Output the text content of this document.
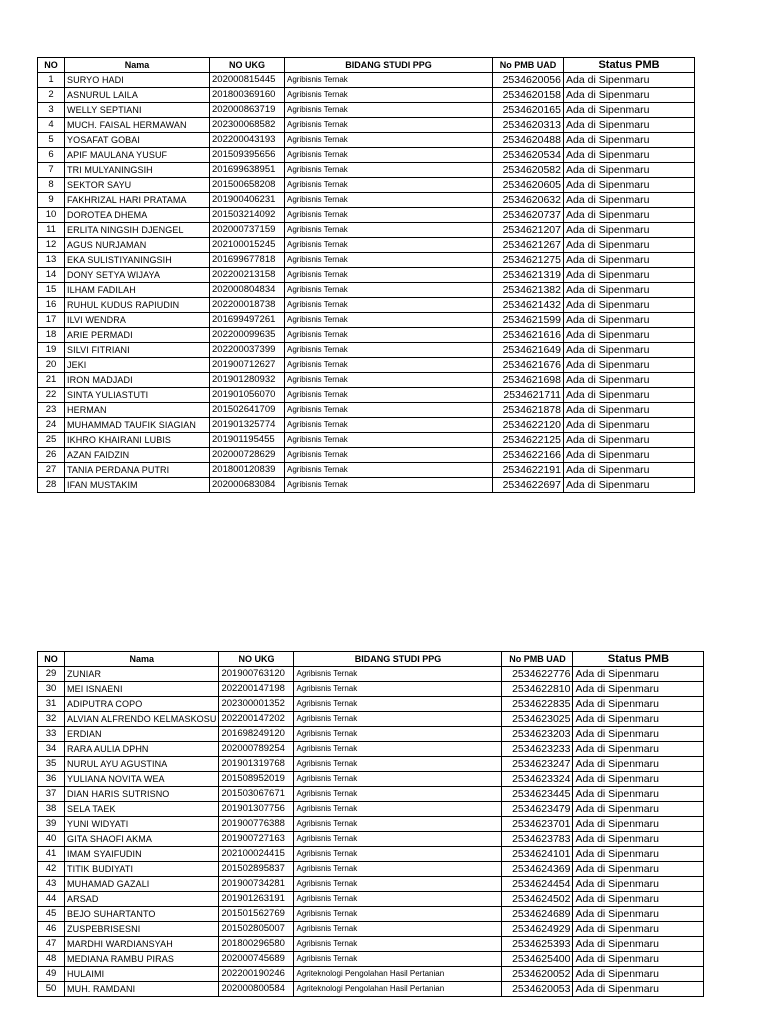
NO	Nama	NO UKG	BIDANG STUDI PPG	No PMB UAD	Status PMB
1	SURYO HADI	202000815445	Agribisnis Ternak	2534620056	Ada di Sipenmaru
2	ASNURUL LAILA	201800369160	Agribisnis Ternak	2534620158	Ada di Sipenmaru
3	WELLY SEPTIANI	202000863719	Agribisnis Ternak	2534620165	Ada di Sipenmaru
4	MUCH. FAISAL HERMAWAN	202300068582	Agribisnis Ternak	2534620313	Ada di Sipenmaru
5	YOSAFAT GOBAI	202200043193	Agribisnis Ternak	2534620488	Ada di Sipenmaru
6	APIF MAULANA YUSUF	201509395656	Agribisnis Ternak	2534620534	Ada di Sipenmaru
7	TRI MULYANINGSIH	201699638951	Agribisnis Ternak	2534620582	Ada di Sipenmaru
8	SEKTOR SAYU	201500658208	Agribisnis Ternak	2534620605	Ada di Sipenmaru
9	FAKHRIZAL HARI PRATAMA	201900406231	Agribisnis Ternak	2534620632	Ada di Sipenmaru
10	DOROTEA DHEMA	201503214092	Agribisnis Ternak	2534620737	Ada di Sipenmaru
11	ERLITA NINGSIH DJENGEL	202000737159	Agribisnis Ternak	2534621207	Ada di Sipenmaru
12	AGUS NURJAMAN	202100015245	Agribisnis Ternak	2534621267	Ada di Sipenmaru
13	EKA SULISTIYANINGSIH	201699677818	Agribisnis Ternak	2534621275	Ada di Sipenmaru
14	DONY SETYA WIJAYA	202200213158	Agribisnis Ternak	2534621319	Ada di Sipenmaru
15	ILHAM FADILAH	202000804834	Agribisnis Ternak	2534621382	Ada di Sipenmaru
16	RUHUL KUDUS RAPIUDIN	202200018738	Agribisnis Ternak	2534621432	Ada di Sipenmaru
17	ILVI WENDRA	201699497261	Agribisnis Ternak	2534621599	Ada di Sipenmaru
18	ARIE PERMADI	202200099635	Agribisnis Ternak	2534621616	Ada di Sipenmaru
19	SILVI FITRIANI	202200037399	Agribisnis Ternak	2534621649	Ada di Sipenmaru
20	JEKI	201900712627	Agribisnis Ternak	2534621676	Ada di Sipenmaru
21	IRON MADJADI	201901280932	Agribisnis Ternak	2534621698	Ada di Sipenmaru
22	SINTA YULIASTUTI	201901056070	Agribisnis Ternak	2534621711	Ada di Sipenmaru
23	HERMAN	201502641709	Agribisnis Ternak	2534621878	Ada di Sipenmaru
24	MUHAMMAD TAUFIK SIAGIAN	201901325774	Agribisnis Ternak	2534622120	Ada di Sipenmaru
25	IKHRO KHAIRANI LUBIS	201901195455	Agribisnis Ternak	2534622125	Ada di Sipenmaru
26	AZAN FAIDZIN	202000728629	Agribisnis Ternak	2534622166	Ada di Sipenmaru
27	TANIA PERDANA PUTRI	201800120839	Agribisnis Ternak	2534622191	Ada di Sipenmaru
28	IFAN MUSTAKIM	202000683084	Agribisnis Ternak	2534622697	Ada di Sipenmaru
NO	Nama	NO UKG	BIDANG STUDI PPG	No PMB UAD	Status PMB
29	ZUNIAR	201900763120	Agribisnis Ternak	2534622776	Ada di Sipenmaru
30	MEI ISNAENI	202200147198	Agribisnis Ternak	2534622810	Ada di Sipenmaru
31	ADIPUTRA COPO	202300001352	Agribisnis Ternak	2534622835	Ada di Sipenmaru
32	ALVIAN ALFRENDO KELMASKOSU	202200147202	Agribisnis Ternak	2534623025	Ada di Sipenmaru
33	ERDIAN	201698249120	Agribisnis Ternak	2534623203	Ada di Sipenmaru
34	RARA AULIA DPHN	202000789254	Agribisnis Ternak	2534623233	Ada di Sipenmaru
35	NURUL AYU AGUSTINA	201901319768	Agribisnis Ternak	2534623247	Ada di Sipenmaru
36	YULIANA NOVITA WEA	201508952019	Agribisnis Ternak	2534623324	Ada di Sipenmaru
37	DIAN HARIS SUTRISNO	201503067671	Agribisnis Ternak	2534623445	Ada di Sipenmaru
38	SELA TAEK	201901307756	Agribisnis Ternak	2534623479	Ada di Sipenmaru
39	YUNI WIDYATI	201900776388	Agribisnis Ternak	2534623701	Ada di Sipenmaru
40	GITA SHAOFI AKMA	201900727163	Agribisnis Ternak	2534623783	Ada di Sipenmaru
41	IMAM SYAIFUDIN	202100024415	Agribisnis Ternak	2534624101	Ada di Sipenmaru
42	TITIK BUDIYATI	201502895837	Agribisnis Ternak	2534624369	Ada di Sipenmaru
43	MUHAMAD GAZALI	201900734281	Agribisnis Ternak	2534624454	Ada di Sipenmaru
44	ARSAD	201901263191	Agribisnis Ternak	2534624502	Ada di Sipenmaru
45	BEJO SUHARTANTO	201501562769	Agribisnis Ternak	2534624689	Ada di Sipenmaru
46	ZUSPEBRISESNI	201502805007	Agribisnis Ternak	2534624929	Ada di Sipenmaru
47	MARDHI WARDIANSYAH	201800296580	Agribisnis Ternak	2534625393	Ada di Sipenmaru
48	MEDIANA RAMBU PIRAS	202000745689	Agribisnis Ternak	2534625400	Ada di Sipenmaru
49	HULAIMI	202200190246	Agriteknologi Pengolahan Hasil Pertanian	2534620052	Ada di Sipenmaru
50	MUH. RAMDANI	202000800584	Agriteknologi Pengolahan Hasil Pertanian	2534620053	Ada di Sipenmaru
